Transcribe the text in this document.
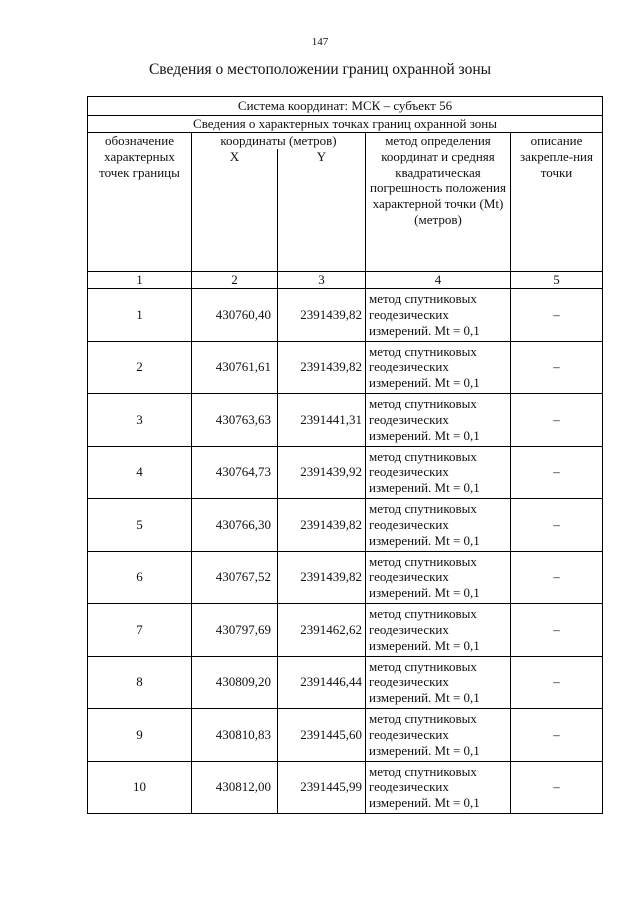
147
Сведения о местоположении границ охранной зоны
Система координат: МСК – субъект 56				
Сведения о характерных точках границ охранной зоны				
обозначение характерных точек границы	координаты (метров)		метод определения координат и средняя квадратическая погрешность положения характерной точки (Mt) (метров)	описание закрепле-ния точки
	X	Y		
1	2	3	4	5
1	430760,40	2391439,82	метод спутниковых геодезических измерений. Mt = 0,1	–
2	430761,61	2391439,82	метод спутниковых геодезических измерений. Mt = 0,1	–
3	430763,63	2391441,31	метод спутниковых геодезических измерений. Mt = 0,1	–
4	430764,73	2391439,92	метод спутниковых геодезических измерений. Mt = 0,1	–
5	430766,30	2391439,82	метод спутниковых геодезических измерений. Mt = 0,1	–
6	430767,52	2391439,82	метод спутниковых геодезических измерений. Mt = 0,1	–
7	430797,69	2391462,62	метод спутниковых геодезических измерений. Mt = 0,1	–
8	430809,20	2391446,44	метод спутниковых геодезических измерений. Mt = 0,1	–
9	430810,83	2391445,60	метод спутниковых геодезических измерений. Mt = 0,1	–
10	430812,00	2391445,99	метод спутниковых геодезических измерений. Mt = 0,1	–
